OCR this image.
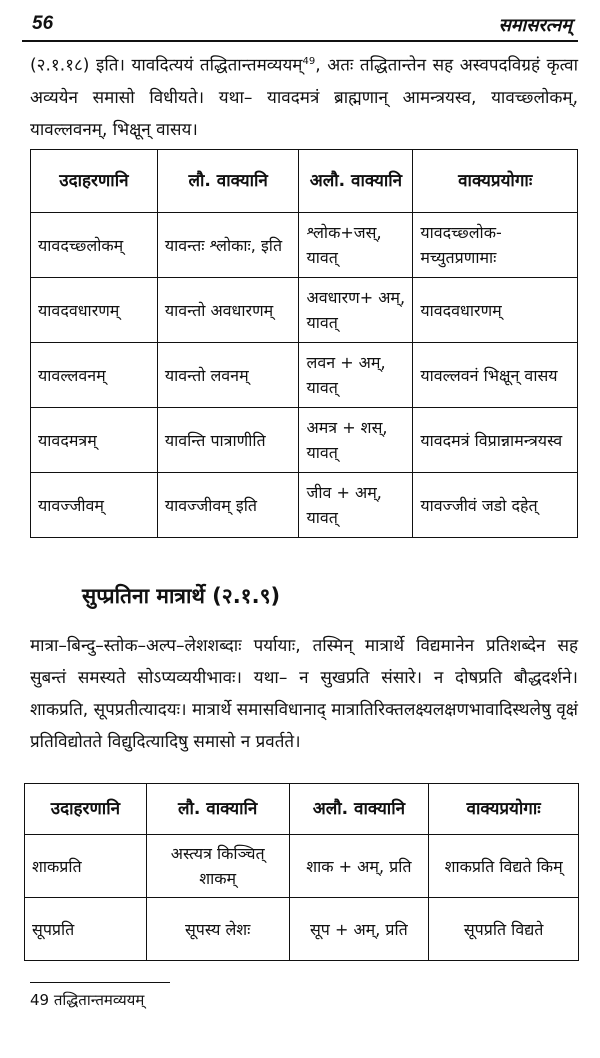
56	समासरत्नम्

(२.१.१८) इति। यावदित्ययं तद्धितान्तमव्ययम्$^{49}$, अतः तद्धितान्तेन सह अस्वपदविग्रहं कृत्वा अव्ययेन समासो विधीयते। यथा– यावदमत्रं ब्राह्मणान् आमन्त्रयस्व, यावच्छ्लोकम्, यावल्लवनम्, भिक्षून् वासय।

उदाहरणानि	लौ. वाक्यानि	अलौ. वाक्यानि	वाक्यप्रयोगाः
यावदच्छ्लोकम्	यावन्तः श्लोकाः, इति	श्लोक+जस्, यावत्	यावदच्छ्लोक-मच्युतप्रणामाः
यावदवधारणम्	यावन्तो अवधारणम्	अवधारण+ अम्, यावत्	यावदवधारणम्
यावल्लवनम्	यावन्तो लवनम्	लवन + अम्, यावत्	यावल्लवनं भिक्षून् वासय
यावदमत्रम्	यावन्ति पात्राणीति	अमत्र + शस्, यावत्	यावदमत्रं विप्रान्नामन्त्रयस्व
यावज्जीवम्	यावज्जीवम् इति	जीव + अम्, यावत्	यावज्जीवं जडो दहेत्
सुप्प्रतिना मात्रार्थे (२.१.९)

मात्रा–बिन्दु–स्तोक–अल्प–लेशशब्दाः पर्यायाः, तस्मिन् मात्रार्थे विद्यमानेन प्रतिशब्देन सह सुबन्तं समस्यते सोऽप्यव्ययीभावः। यथा– न सुखप्रति संसारे। न दोषप्रति बौद्धदर्शने। शाकप्रति, सूपप्रतीत्यादयः। मात्रार्थे समासविधानाद् मात्रातिरिक्तलक्ष्यलक्षणभावादिस्थलेषु वृक्षं प्रतिविद्योतते विद्युदित्यादिषु समासो न प्रवर्तते।

उदाहरणानि	लौ. वाक्यानि	अलौ. वाक्यानि	वाक्यप्रयोगाः
शाकप्रति	अस्त्यत्र किञ्चित् शाकम्	शाक + अम्, प्रति	शाकप्रति विद्यते किम्
सूपप्रति	सूपस्य लेशः	सूप + अम्, प्रति	सूपप्रति विद्यते

49 तद्धितान्तमव्ययम्
